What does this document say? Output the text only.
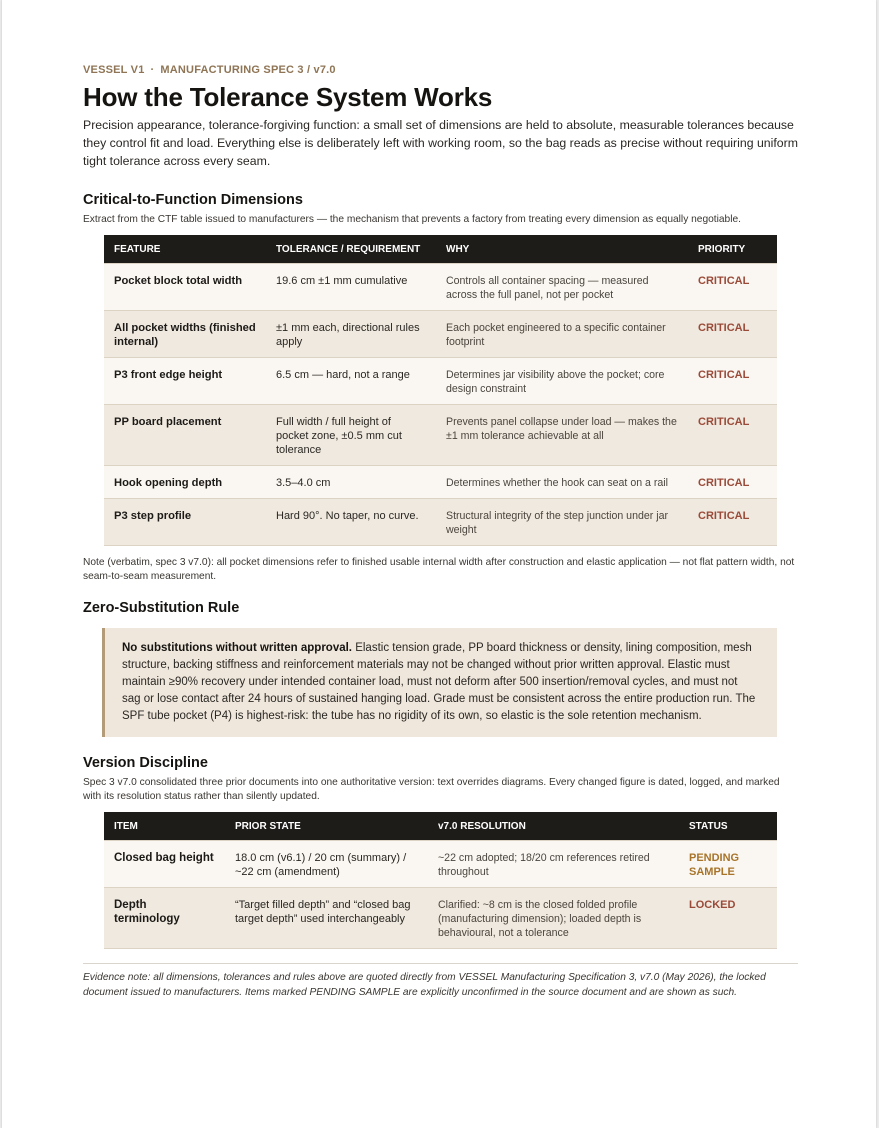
VESSEL V1 · MANUFACTURING SPEC 3 / v7.0
How the Tolerance System Works

Precision appearance, tolerance-forgiving function: a small set of dimensions are held to absolute, measurable tolerances because they control fit and load. Everything else is deliberately left with working room, so the bag reads as precise without requiring uniform tight tolerance across every seam.

Critical-to-Function Dimensions

Extract from the CTF table issued to manufacturers — the mechanism that prevents a factory from treating every dimension as equally negotiable.

FEATURE	TOLERANCE / REQUIREMENT	WHY	PRIORITY
Pocket block total width	19.6 cm ±1 mm cumulative	Controls all container spacing — measured across the full panel, not per pocket	CRITICAL
All pocket widths (finished internal)	±1 mm each, directional rules apply	Each pocket engineered to a specific container footprint	CRITICAL
P3 front edge height	6.5 cm — hard, not a range	Determines jar visibility above the pocket; core design constraint	CRITICAL
PP board placement	Full width / full height of pocket zone, ±0.5 mm cut tolerance	Prevents panel collapse under load — makes the ±1 mm tolerance achievable at all	CRITICAL
Hook opening depth	3.5–4.0 cm	Determines whether the hook can seat on a rail	CRITICAL
P3 step profile	Hard 90°. No taper, no curve.	Structural integrity of the step junction under jar weight	CRITICAL

Note (verbatim, spec 3 v7.0): all pocket dimensions refer to finished usable internal width after construction and elastic application — not flat pattern width, not seam-to-seam measurement.

Zero-Substitution Rule
No substitutions without written approval. Elastic tension grade, PP board thickness or density, lining composition, mesh structure, backing stiffness and reinforcement materials may not be changed without prior written approval. Elastic must maintain ≥90% recovery under intended container load, must not deform after 500 insertion/removal cycles, and must not sag or lose contact after 24 hours of sustained hanging load. Grade must be consistent across the entire production run. The SPF tube pocket (P4) is highest-risk: the tube has no rigidity of its own, so elastic is the sole retention mechanism.
Version Discipline

Spec 3 v7.0 consolidated three prior documents into one authoritative version: text overrides diagrams. Every changed figure is dated, logged, and marked with its resolution status rather than silently updated.

ITEM	PRIOR STATE	v7.0 RESOLUTION	STATUS
Closed bag height	18.0 cm (v6.1) / 20 cm (summary) / ~22 cm (amendment)	~22 cm adopted; 18/20 cm references retired throughout	PENDING SAMPLE
Depth terminology	“Target filled depth” and “closed bag target depth” used interchangeably	Clarified: ~8 cm is the closed folded profile (manufacturing dimension); loaded depth is behavioural, not a tolerance	LOCKED
Evidence note: all dimensions, tolerances and rules above are quoted directly from VESSEL Manufacturing Specification 3, v7.0 (May 2026), the locked document issued to manufacturers. Items marked PENDING SAMPLE are explicitly unconfirmed in the source document and are shown as such.
